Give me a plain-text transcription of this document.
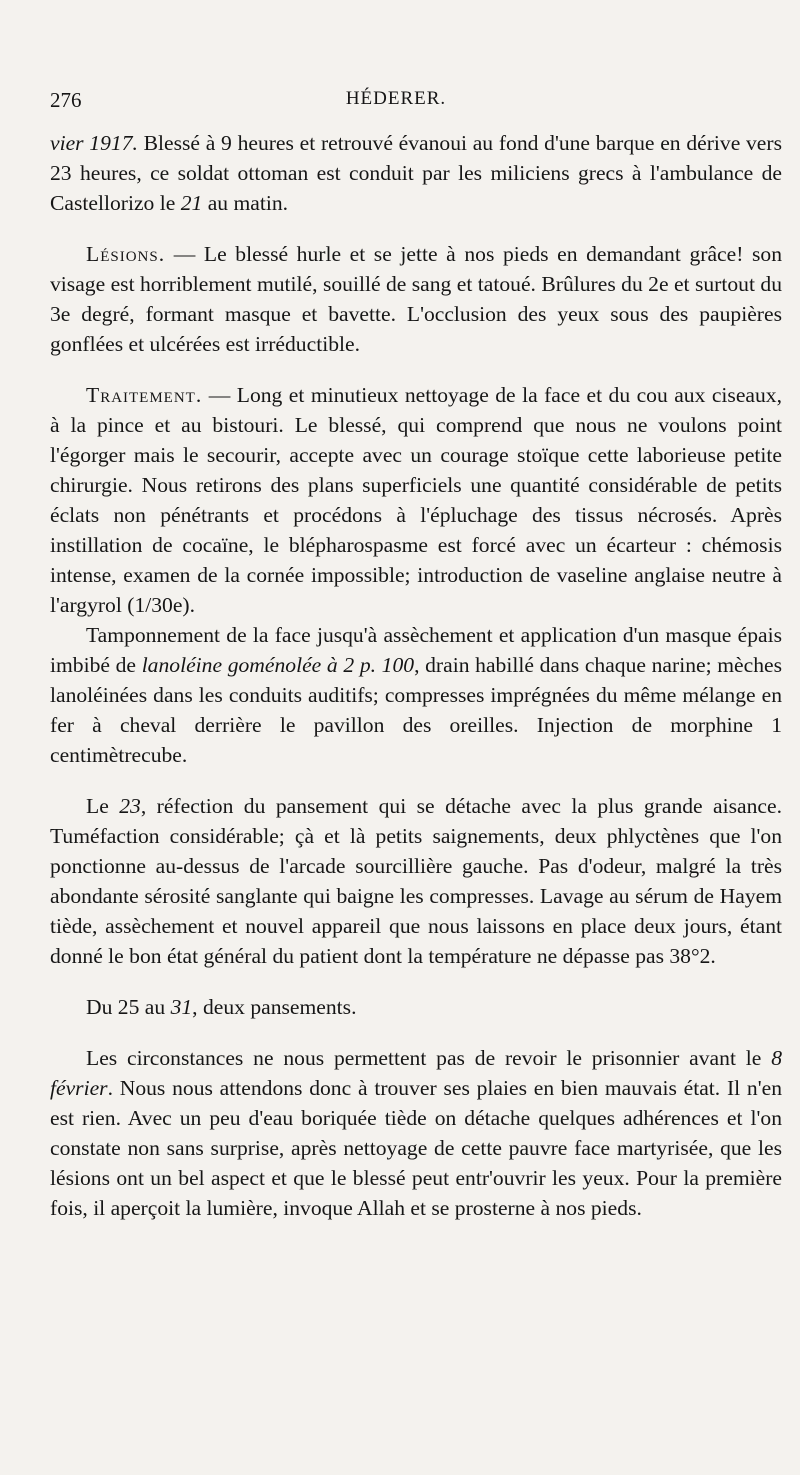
276	HÉDERER.

vier 1917. Blessé à 9 heures et retrouvé évanoui au fond d'une barque en dérive vers 23 heures, ce soldat ottoman est conduit par les miliciens grecs à l'ambulance de Castellorizo le 21 au matin.

Lésions. — Le blessé hurle et se jette à nos pieds en demandant grâce! son visage est horriblement mutilé, souillé de sang et tatoué. Brûlures du 2e et surtout du 3e degré, formant masque et bavette. L'occlusion des yeux sous des paupières gonflées et ulcérées est irréductible.

Traitement. — Long et minutieux nettoyage de la face et du cou aux ciseaux, à la pince et au bistouri. Le blessé, qui comprend que nous ne voulons point l'égorger mais le secourir, accepte avec un courage stoïque cette laborieuse petite chirurgie. Nous retirons des plans superficiels une quantité considérable de petits éclats non pénétrants et procédons à l'épluchage des tissus nécrosés. Après instillation de cocaïne, le blépharospasme est forcé avec un écarteur : chémosis intense, examen de la cornée impossible; introduction de vaseline anglaise neutre à l'argyrol (1/30e).

Tamponnement de la face jusqu'à assèchement et application d'un masque épais imbibé de lanoléine goménolée à 2 p. 100, drain habillé dans chaque narine; mèches lanoléinées dans les conduits auditifs; compresses imprégnées du même mélange en fer à cheval derrière le pavillon des oreilles. Injection de morphine 1 centimètrecube.

Le 23, réfection du pansement qui se détache avec la plus grande aisance. Tuméfaction considérable; çà et là petits saignements, deux phlyctènes que l'on ponctionne au-dessus de l'arcade sourcillière gauche. Pas d'odeur, malgré la très abondante sérosité sanglante qui baigne les compresses. Lavage au sérum de Hayem tiède, assèchement et nouvel appareil que nous laissons en place deux jours, étant donné le bon état général du patient dont la température ne dépasse pas 38°2.

Du 25 au 31, deux pansements.

Les circonstances ne nous permettent pas de revoir le prisonnier avant le 8 février. Nous nous attendons donc à trouver ses plaies en bien mauvais état. Il n'en est rien. Avec un peu d'eau boriquée tiède on détache quelques adhérences et l'on constate non sans surprise, après nettoyage de cette pauvre face martyrisée, que les lésions ont un bel aspect et que le blessé peut entr'ouvrir les yeux. Pour la première fois, il aperçoit la lumière, invoque Allah et se prosterne à nos pieds.
